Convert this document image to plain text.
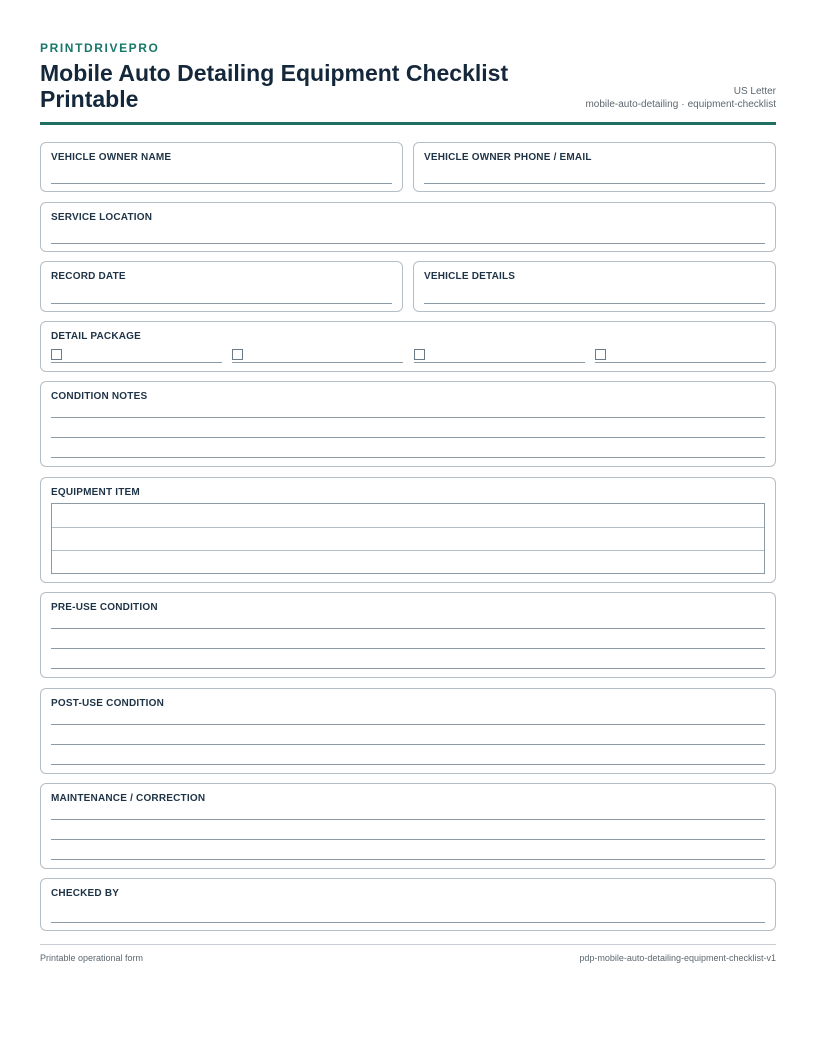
PRINTDRIVEPRO
Mobile Auto Detailing Equipment Checklist Printable	US Letter
mobile-auto-detailing · equipment-checklist
VEHICLE OWNER NAME	VEHICLE OWNER PHONE / EMAIL
SERVICE LOCATION
RECORD DATE	VEHICLE DETAILS
DETAIL PACKAGE
CONDITION NOTES
EQUIPMENT ITEM
PRE-USE CONDITION
POST-USE CONDITION
MAINTENANCE / CORRECTION
CHECKED BY
Printable operational form	pdp-mobile-auto-detailing-equipment-checklist-v1
